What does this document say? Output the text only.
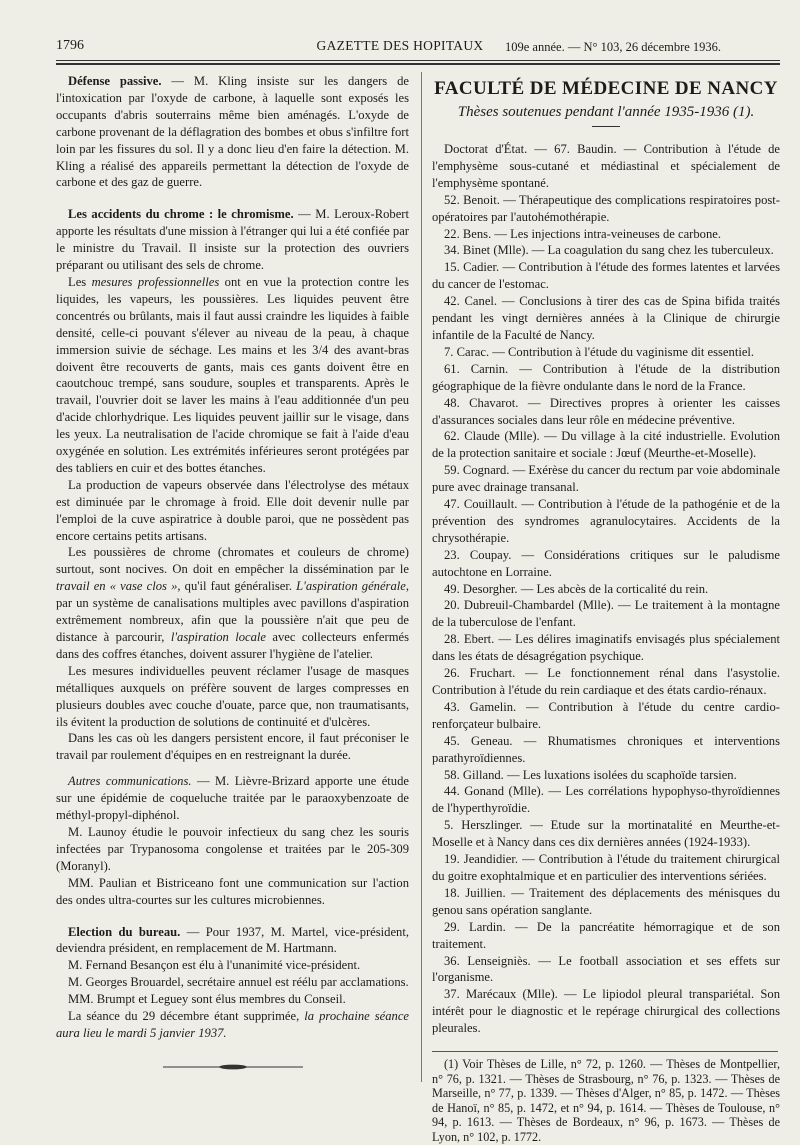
1796	GAZETTE DES HOPITAUX	109e année. — N° 103, 26 décembre 1936.

Défense passive. — M. Kling insiste sur les dangers de l'intoxication par l'oxyde de carbone, à laquelle sont exposés les occupants d'abris souterrains même bien aménagés. L'oxyde de carbone provenant de la déflagration des bombes et obus s'infiltre fort loin par les fissures du sol. Il y a donc lieu d'en faire la détection. M. Kling a réalisé des appareils permettant la détection de l'oxyde de carbone et des gaz de guerre.

Les accidents du chrome : le chromisme. — M. Leroux-Robert apporte les résultats d'une mission à l'étranger qui lui a été confiée par le ministre du Travail. Il insiste sur la protection des ouvriers préparant ou utilisant des sels de chrome.

Les mesures professionnelles ont en vue la protection contre les liquides, les vapeurs, les poussières. Les liquides peuvent être concentrés ou brûlants, mais il faut aussi craindre les liquides à faible densité, celle-ci pouvant s'élever au niveau de la peau, à chaque immersion suivie de séchage. Les mains et les 3/4 des avant-bras doivent être recouverts de gants, mais ces gants doivent être en caoutchouc trempé, sans soudure, souples et transparents. Après le travail, l'ouvrier doit se laver les mains à l'eau additionnée d'un peu d'acide chlorhydrique. Les liquides peuvent jaillir sur le visage, dans les yeux. La neutralisation de l'acide chromique se fait à l'aide d'eau oxygénée en solution. Les extrémités inférieures seront protégées par des tabliers en cuir et des bottes étanches.

La production de vapeurs observée dans l'électrolyse des métaux est diminuée par le chromage à froid. Elle doit devenir nulle par l'emploi de la cuve aspiratrice à double paroi, que ne possèdent pas encore certains petits artisans.

Les poussières de chrome (chromates et couleurs de chrome) surtout, sont nocives. On doit en empêcher la dissémination par le travail en « vase clos », qu'il faut généraliser. L'aspiration générale, par un système de canalisations multiples avec pavillons d'aspiration extrêmement nombreux, afin que la poussière n'ait que peu de distance à parcourir, l'aspiration locale avec collecteurs enfermés dans des coffres étanches, doivent assurer l'hygiène de l'atelier.

Les mesures individuelles peuvent réclamer l'usage de masques métalliques auxquels on préfère souvent de larges compresses en plusieurs doubles avec couche d'ouate, parce que, non traumatisants, ils évitent la production de solutions de continuité et d'ulcères.

Dans les cas où les dangers persistent encore, il faut préconiser le travail par roulement d'équipes en en restreignant la durée.

Autres communications. — M. Lièvre-Brizard apporte une étude sur une épidémie de coqueluche traitée par le paraoxybenzoate de méthyl-propyl-diphénol.

M. Launoy étudie le pouvoir infectieux du sang chez les souris infectées par Trypanosoma congolense et traitées par le 205-309 (Moranyl).

MM. Paulian et Bistriceano font une communication sur l'action des ondes ultra-courtes sur les cultures microbiennes.

Election du bureau. — Pour 1937, M. Martel, vice-président, deviendra président, en remplacement de M. Hartmann.

M. Fernand Besançon est élu à l'unanimité vice-président.

M. Georges Brouardel, secrétaire annuel est réélu par acclamations.

MM. Brumpt et Leguey sont élus membres du Conseil.

La séance du 29 décembre étant supprimée, la prochaine séance aura lieu le mardi 5 janvier 1937.

FACULTÉ DE MÉDECINE DE NANCY
Thèses soutenues pendant l'année 1935-1936 (1).

Doctorat d'État. — 67. Baudin. — Contribution à l'étude de l'emphysème sous-cutané et médiastinal et spécialement de l'emphysème spontané.

52. Benoit. — Thérapeutique des complications respiratoires post-opératoires par l'autohémothérapie.

22. Bens. — Les injections intra-veineuses de carbone.

34. Binet (Mlle). — La coagulation du sang chez les tuberculeux.

15. Cadier. — Contribution à l'étude des formes latentes et larvées du cancer de l'estomac.

42. Canel. — Conclusions à tirer des cas de Spina bifida traités pendant les vingt dernières années à la Clinique de chirurgie infantile de la Faculté de Nancy.

7. Carac. — Contribution à l'étude du vaginisme dit essentiel.

61. Carnin. — Contribution à l'étude de la distribution géographique de la fièvre ondulante dans le nord de la France.

48. Chavarot. — Directives propres à orienter les caisses d'assurances sociales dans leur rôle en médecine préventive.

62. Claude (Mlle). — Du village à la cité industrielle. Evolution de la protection sanitaire et sociale : Jœuf (Meurthe-et-Moselle).

59. Cognard. — Exérèse du cancer du rectum par voie abdominale pure avec drainage transanal.

47. Couillault. — Contribution à l'étude de la pathogénie et de la prévention des syndromes agranulocytaires. Accidents de la chrysothérapie.

23. Coupay. — Considérations critiques sur le paludisme autochtone en Lorraine.

49. Desorgher. — Les abcès de la corticalité du rein.

20. Dubreuil-Chambardel (Mlle). — Le traitement à la montagne de la tuberculose de l'enfant.

28. Ebert. — Les délires imaginatifs envisagés plus spécialement dans les états de désagrégation psychique.

26. Fruchart. — Le fonctionnement rénal dans l'asystolie. Contribution à l'étude du rein cardiaque et des états cardio-rénaux.

43. Gamelin. — Contribution à l'étude du centre cardio-renforçateur bulbaire.

45. Geneau. — Rhumatismes chroniques et interventions parathyroïdiennes.

58. Gilland. — Les luxations isolées du scaphoïde tarsien.

44. Gonand (Mlle). — Les corrélations hypophyso-thyroïdiennes de l'hyperthyroïdie.

5. Herszlinger. — Etude sur la mortinatalité en Meurthe-et-Moselle et à Nancy dans ces dix dernières années (1924-1933).

19. Jeandidier. — Contribution à l'étude du traitement chirurgical du goitre exophtalmique et en particulier des interventions sériées.

18. Juillien. — Traitement des déplacements des ménisques du genou sans opération sanglante.

29. Lardin. — De la pancréatite hémorragique et de son traitement.

36. Lenseigniès. — Le football association et ses effets sur l'organisme.

37. Marécaux (Mlle). — Le lipiodol pleural transpariétal. Son intérêt pour le diagnostic et le repérage chirurgical des collections pleurales.

(1) Voir Thèses de Lille, n° 72, p. 1260. — Thèses de Montpellier, n° 76, p. 1321. — Thèses de Strasbourg, n° 76, p. 1323. — Thèses de Marseille, n° 77, p. 1339. — Thèses d'Alger, n° 85, p. 1472. — Thèses de Hanoï, n° 85, p. 1472, et n° 94, p. 1614. — Thèses de Toulouse, n° 94, p. 1613. — Thèses de Bordeaux, n° 96, p. 1673. — Thèses de Lyon, n° 102, p. 1772.
